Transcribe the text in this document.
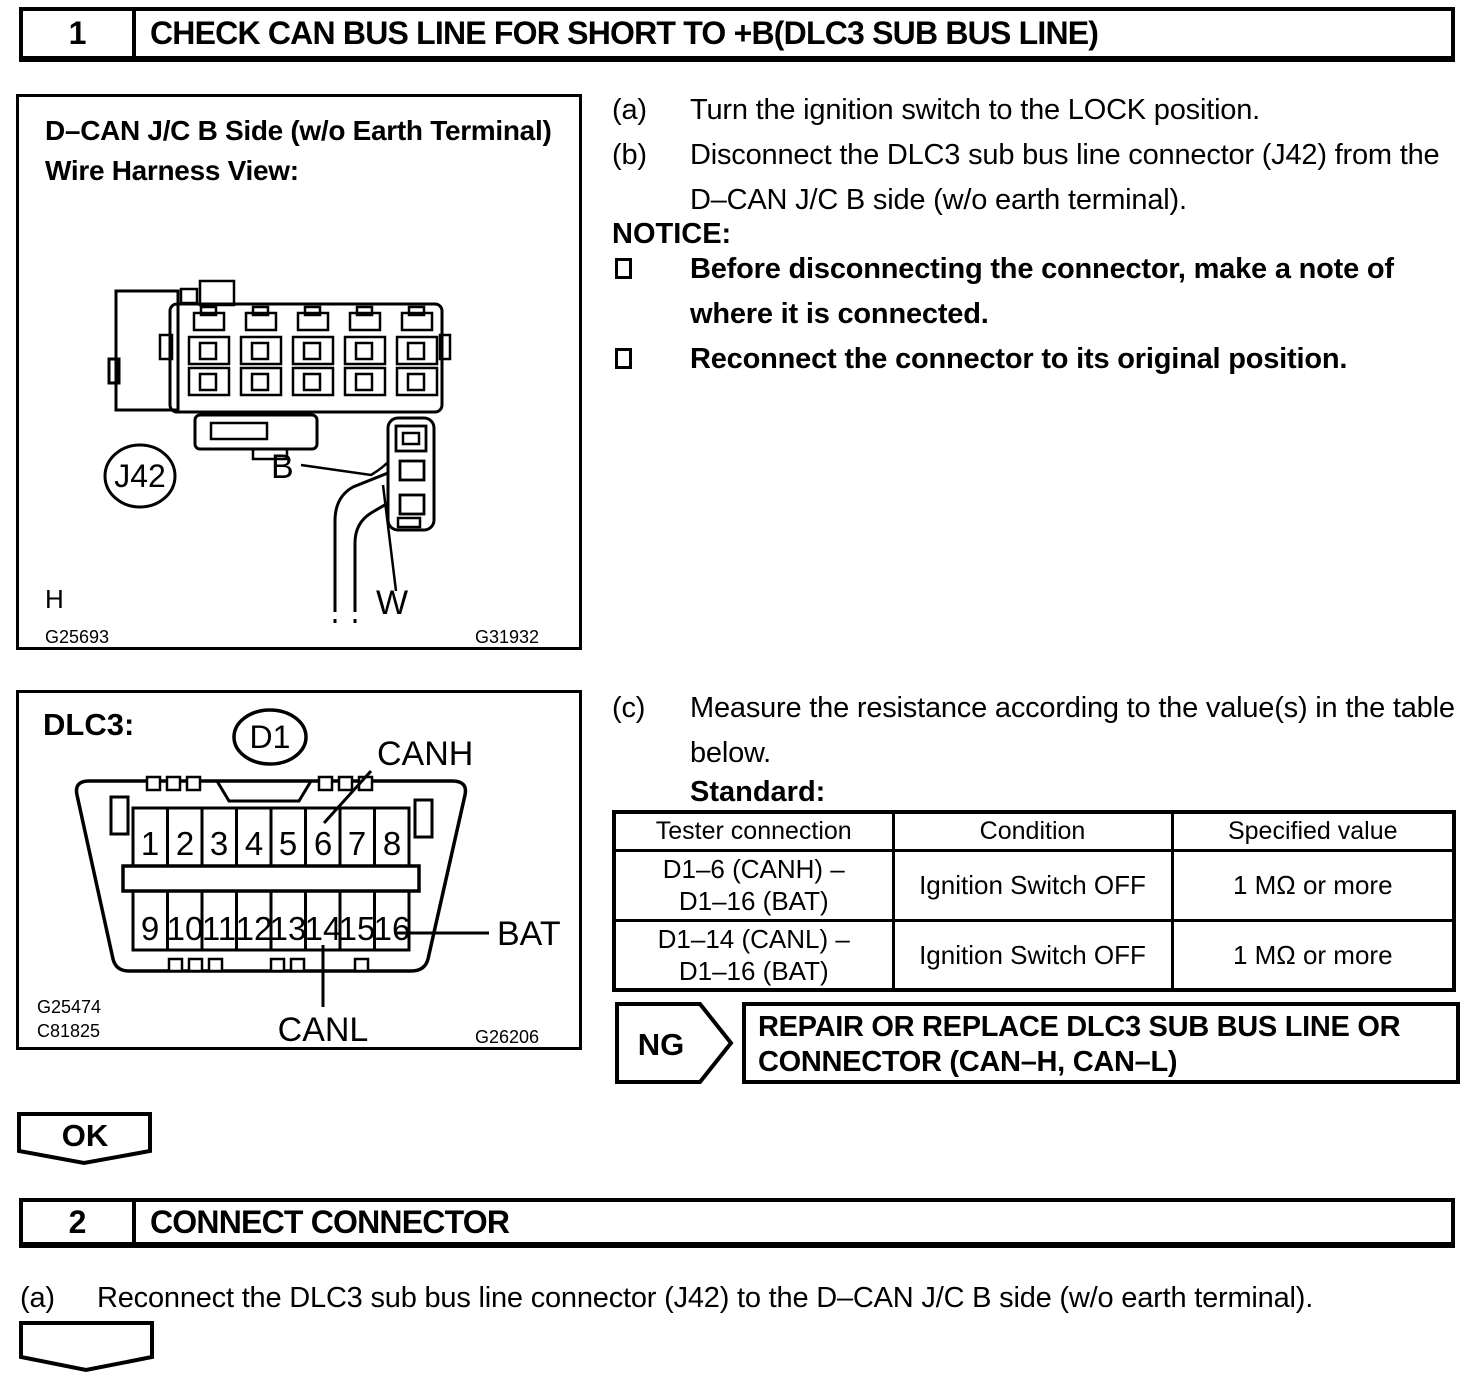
1	CHECK CAN BUS LINE FOR SHORT TO +B(DLC3 SUB BUS LINE)
D–CAN J/C B Side (w/o Earth Terminal)
Wire Harness View:
J42	B
W
H
G25693	G31932
DLC3:	D1
1 2 3 4 5 6 7 8
9 10
11 12
13
14
15
16
CANH
BAT
CANL
G25474
C81825	G26206
(a)	Turn the ignition switch to the LOCK position.
(b)	Disconnect the DLC3 sub bus line connector (J42) from the D–CAN J/C B side (w/o earth terminal).
NOTICE:
Before disconnecting the connector, make a note of where it is connected.
Reconnect the connector to its original position.
(c)	Measure the resistance according to the value(s) in the table below.
Standard:
Tester connection	Condition	Specified value

D1–6 (CANH) –
D1–16 (BAT)	Ignition Switch OFF	1 MΩ or more

D1–14 (CANL) –
D1–16 (BAT)	Ignition Switch OFF	1 MΩ or more
NG
REPAIR OR REPLACE DLC3 SUB BUS LINE OR
CONNECTOR (CAN–H, CAN–L)
OK
2	CONNECT CONNECTOR
(a)	Reconnect the DLC3 sub bus line connector (J42) to the D–CAN J/C B side (w/o earth terminal).
